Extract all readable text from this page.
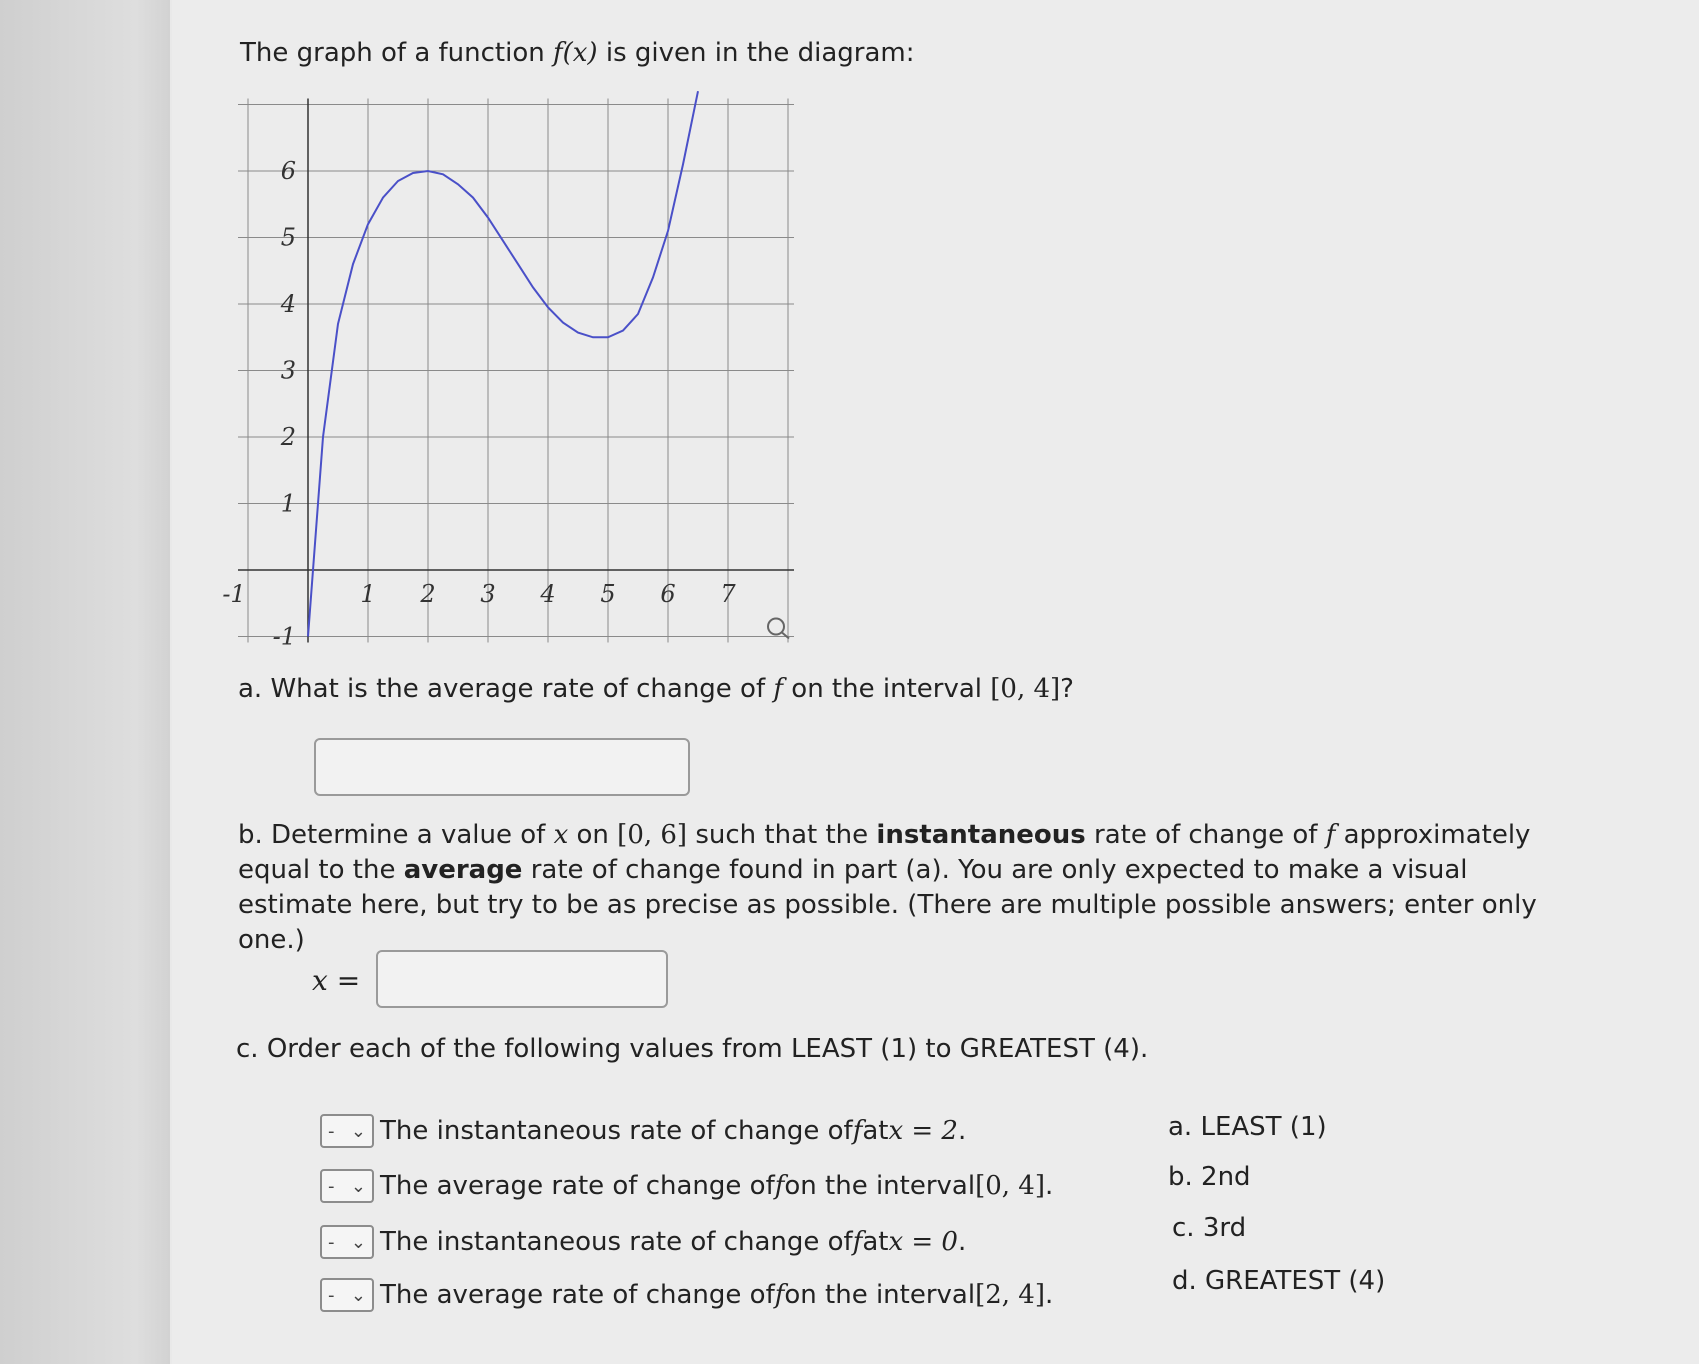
The graph of a function f(x) is given in the diagram:
-1	1 2 3 4 5 6 7
-1
1
2
3
4
5
6
a. What is the average rate of change of f on the interval [0, 4]?
b. Determine a value of x on [0, 6] such that the instantaneous rate of change of f approximately equal to the average rate of change found in part (a). You are only expected to make a visual estimate here, but try to be as precise as possible. (There are multiple possible answers; enter only one.)
x =
c. Order each of the following values from LEAST (1) to GREATEST (4).
- ⌄ The instantaneous rate of change of f at x = 2 .
- ⌄ The average rate of change of f on the interval [0, 4] .
- ⌄ The instantaneous rate of change of f at x = 0 .
- ⌄ The average rate of change of f on the interval [2, 4] .
a. LEAST (1)
b. 2nd
c. 3rd
d. GREATEST (4)
